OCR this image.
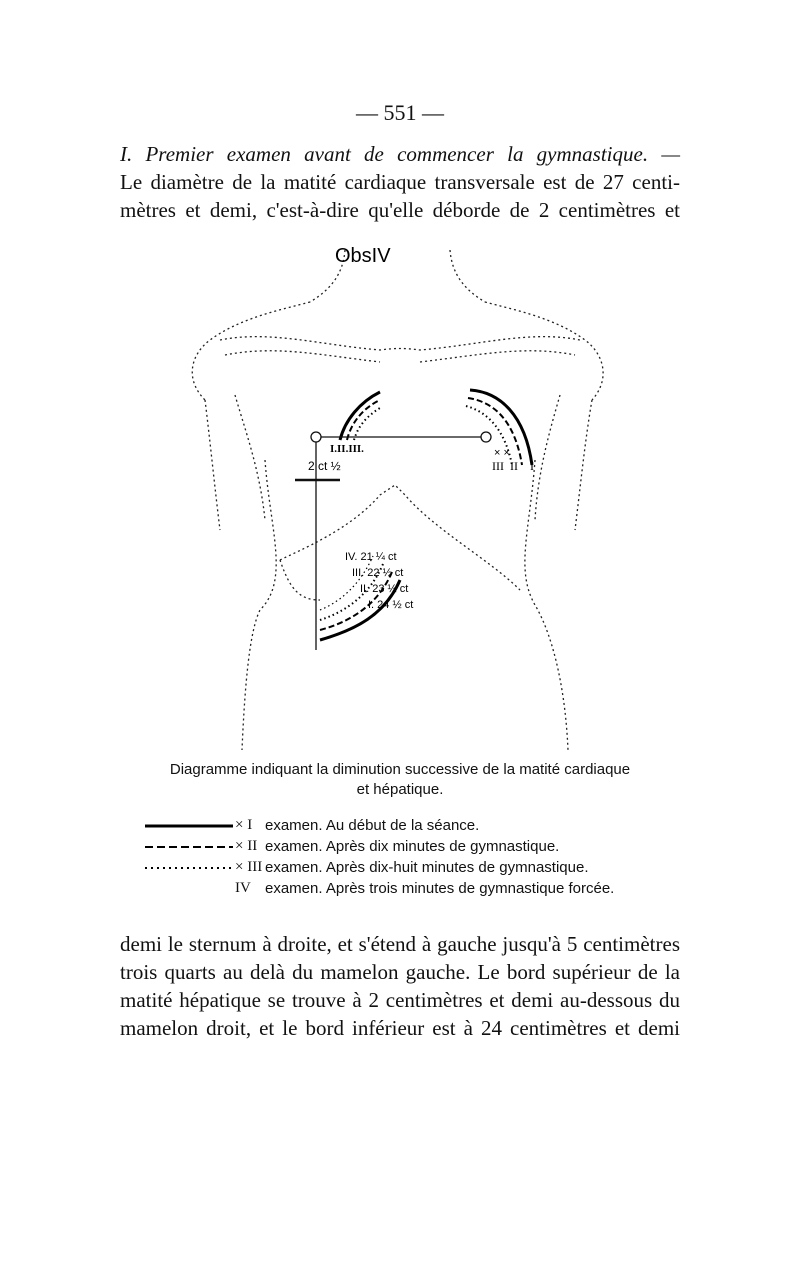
— 551 —
I. Premier examen avant de commencer la gymnastique. —
Le diamètre de la matité cardiaque transversale est de 27 centi-
mètres et demi, c'est-à-dire qu'elle déborde de 2 centimètres et
× ×
ObsIV
I.II.III.
2 ct ½	III II I
IV. 21 ¼ ct
III. 22 ½ ct
II. 23 ½ ct
I. 24 ½ ct
Diagramme indiquant la diminution successive de la matité cardiaque
et hépatique.
× I examen. Au début de la séance.
× II examen. Après dix minutes de gymnastique.
× III examen. Après dix-huit minutes de gymnastique.
IV examen. Après trois minutes de gymnastique forcée.
demi le sternum à droite, et s'étend à gauche jusqu'à 5 centimètres
trois quarts au delà du mamelon gauche. Le bord supérieur de la
matité hépatique se trouve à 2 centimètres et demi au-dessous du
mamelon droit, et le bord inférieur est à 24 centimètres et demi
